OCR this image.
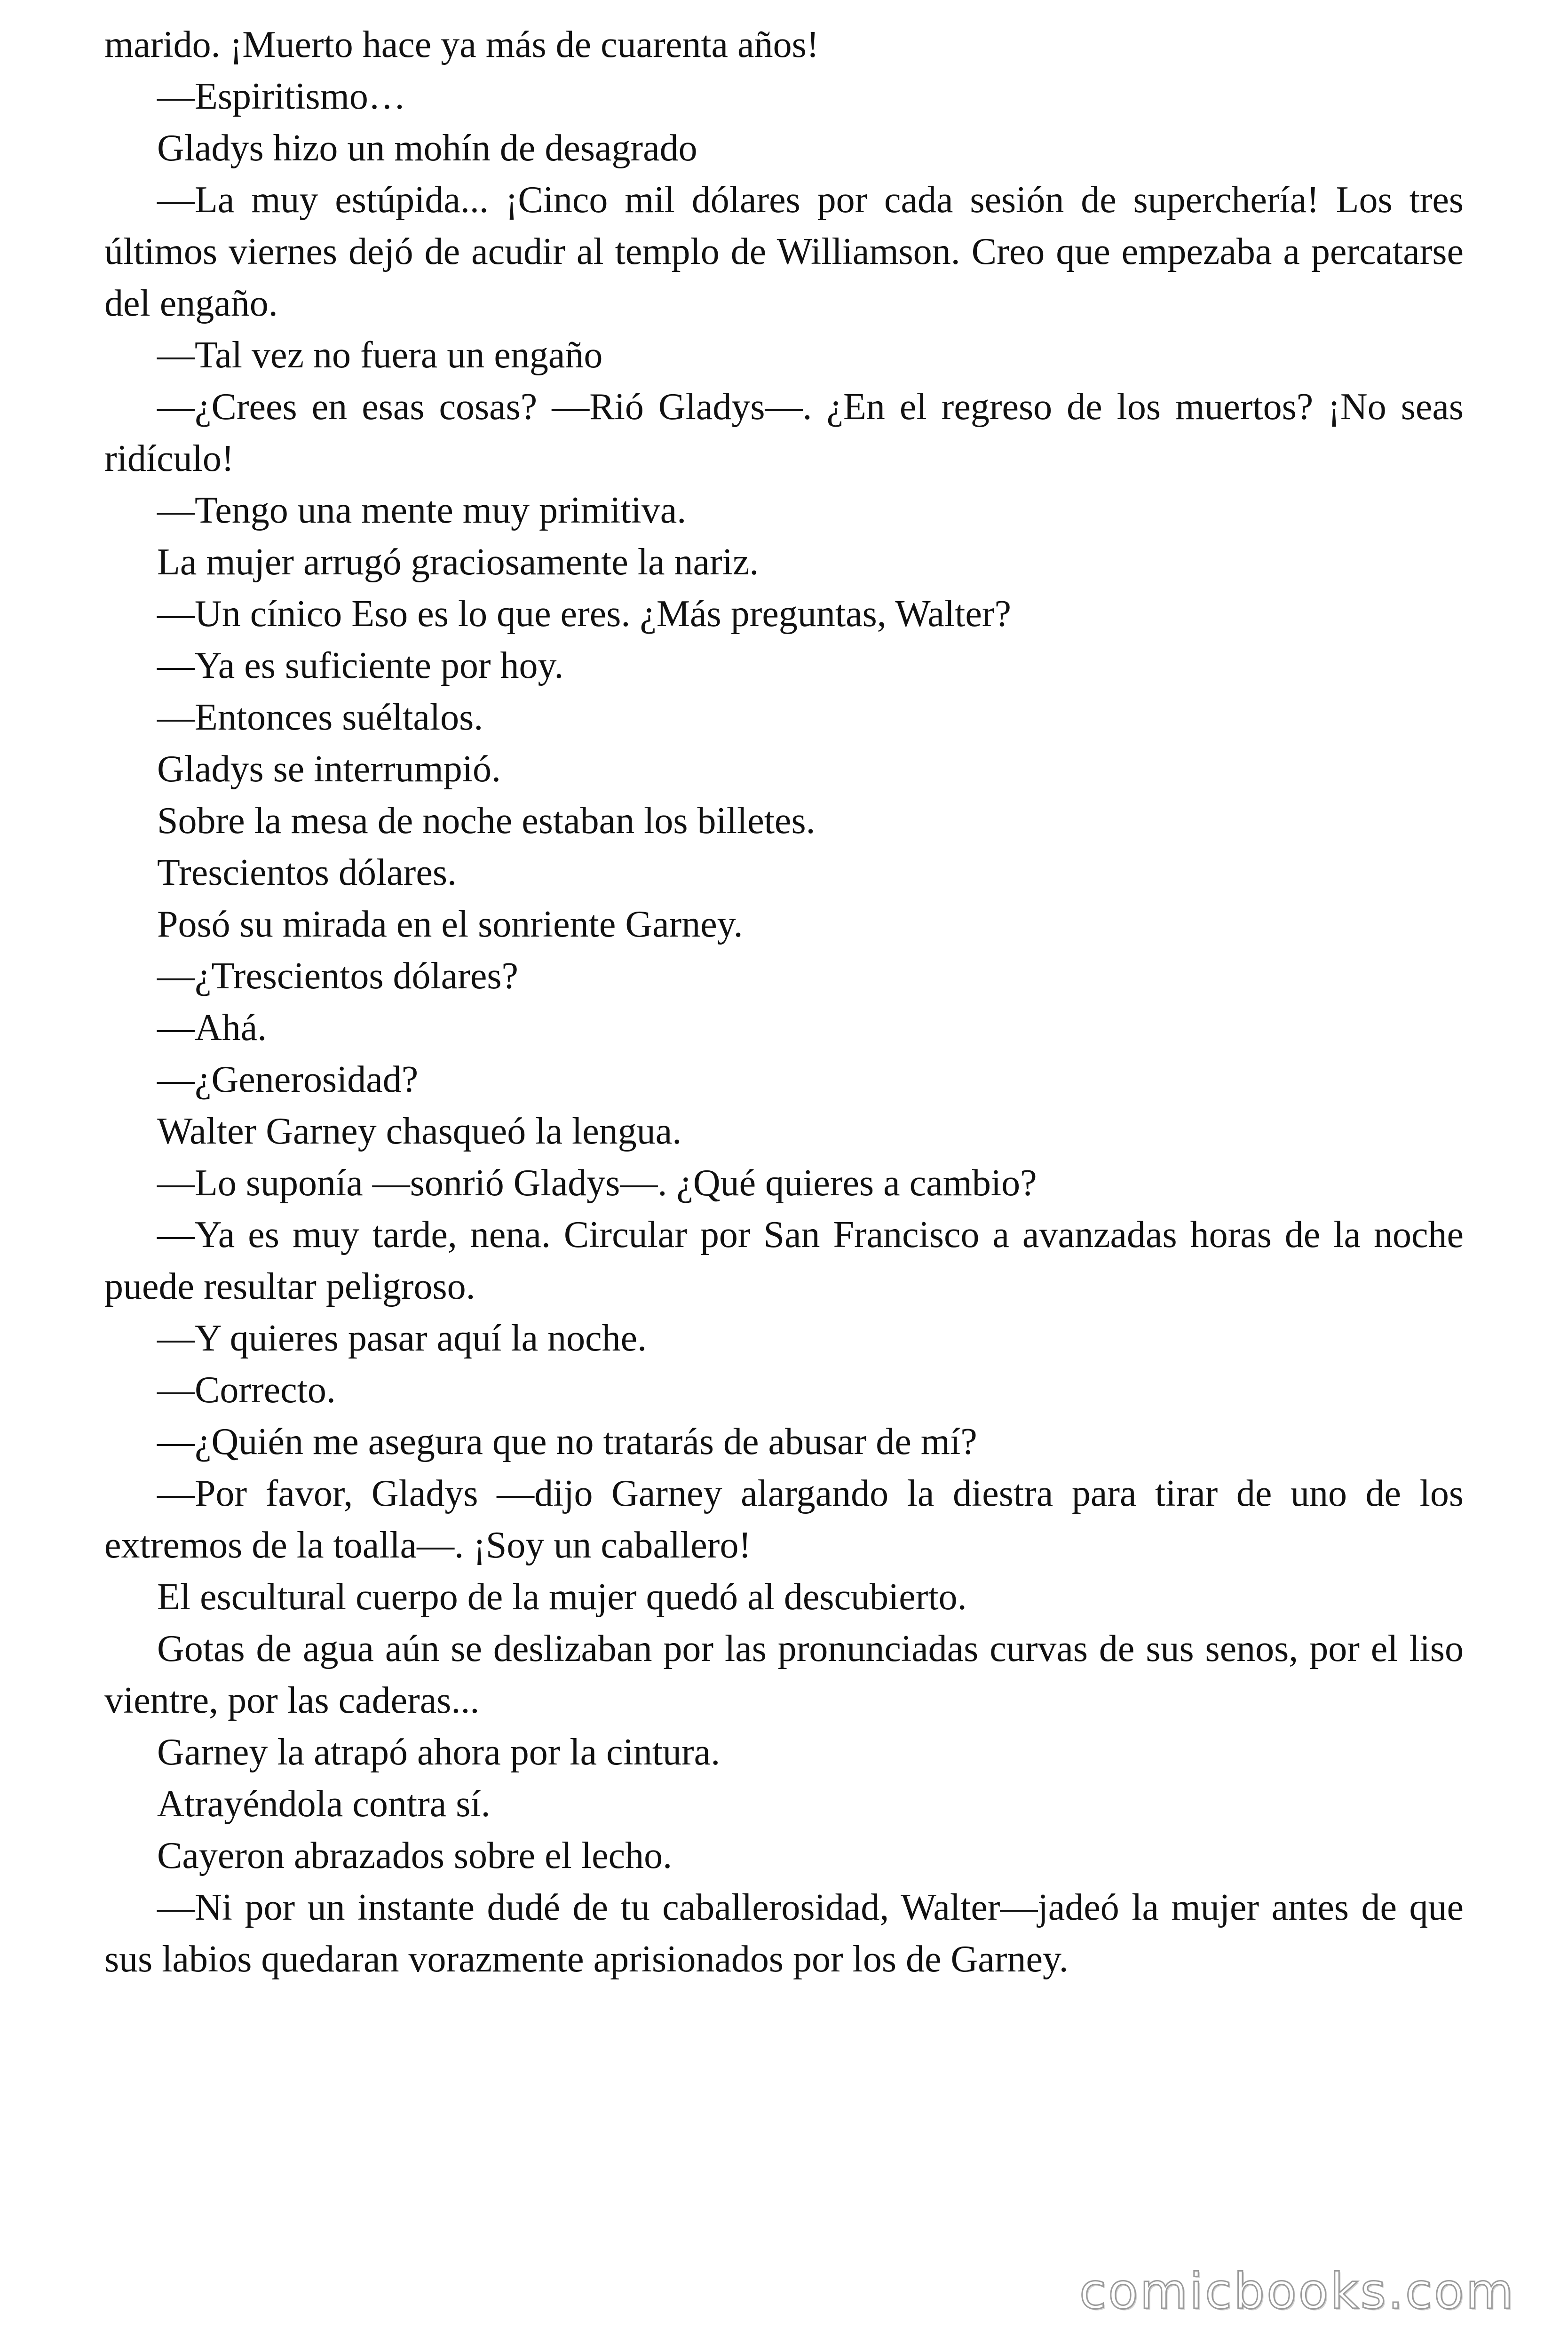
marido. ¡Muerto hace ya más de cuarenta años!

—Espiritismo…

Gladys hizo un mohín de desagrado

—La muy estúpida... ¡Cinco mil dólares por cada sesión de superchería! Los tres últimos viernes dejó de acudir al templo de Williamson. Creo que empezaba a percatarse del engaño.

—Tal vez no fuera un engaño

—¿Crees en esas cosas? —Rió Gladys—. ¿En el regreso de los muertos? ¡No seas ridículo!

—Tengo una mente muy primitiva.

La mujer arrugó graciosamente la nariz.

—Un cínico Eso es lo que eres. ¿Más preguntas, Walter?

—Ya es suficiente por hoy.

—Entonces suéltalos.

Gladys se interrumpió.

Sobre la mesa de noche estaban los billetes.

Trescientos dólares.

Posó su mirada en el sonriente Garney.

—¿Trescientos dólares?

—Ahá.

—¿Generosidad?

Walter Garney chasqueó la lengua.

—Lo suponía —sonrió Gladys—. ¿Qué quieres a cambio?

—Ya es muy tarde, nena. Circular por San Francisco a avanzadas horas de la noche puede resultar peligroso.

—Y quieres pasar aquí la noche.

—Correcto.

—¿Quién me asegura que no tratarás de abusar de mí?

—Por favor, Gladys —dijo Garney alargando la diestra para tirar de uno de los extremos de la toalla—. ¡Soy un caballero!

El escultural cuerpo de la mujer quedó al descubierto.

Gotas de agua aún se deslizaban por las pronunciadas curvas de sus senos, por el liso vientre, por las caderas...

Garney la atrapó ahora por la cintura.

Atrayéndola contra sí.

Cayeron abrazados sobre el lecho.

—Ni por un instante dudé de tu caballerosidad, Walter—jadeó la mujer antes de que sus labios quedaran vorazmente aprisionados por los de Garney.

comicbooks.com
